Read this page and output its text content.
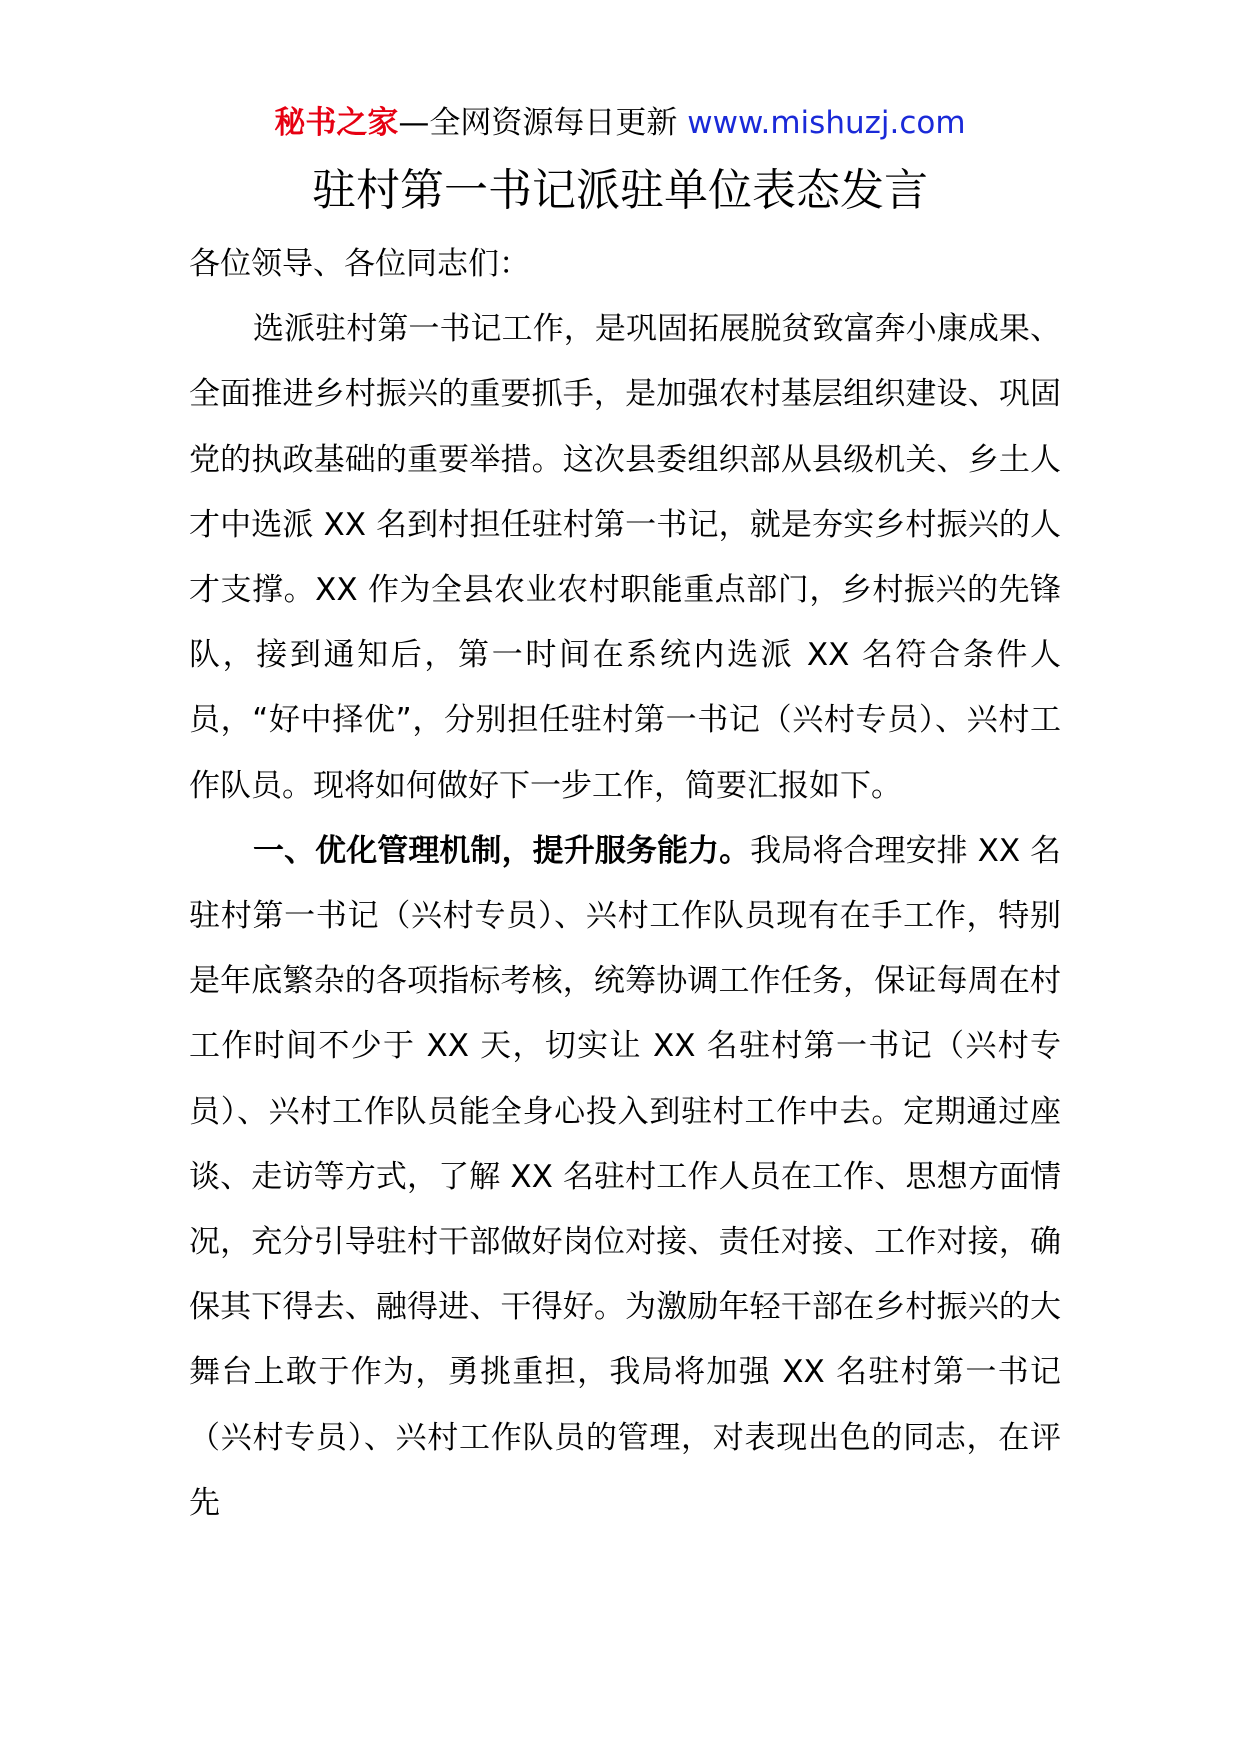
秘书之家—全网资源每日更新 www.mishuzj.com
驻村第一书记派驻单位表态发言

各位领导、各位同志们：

选派驻村第一书记工作，是巩固拓展脱贫致富奔小康成果、全面推进乡村振兴的重要抓手，是加强农村基层组织建设、巩固党的执政基础的重要举措。这次县委组织部从县级机关、乡土人才中选派 XX 名到村担任驻村第一书记，就是夯实乡村振兴的人才支撑。XX 作为全县农业农村职能重点部门，乡村振兴的先锋队，接到通知后，第一时间在系统内选派 XX 名符合条件人员，“好中择优”，分别担任驻村第一书记（兴村专员）、兴村工作队员。现将如何做好下一步工作，简要汇报如下。

一、优化管理机制，提升服务能力。我局将合理安排 XX 名驻村第一书记（兴村专员）、兴村工作队员现有在手工作，特别是年底繁杂的各项指标考核，统筹协调工作任务，保证每周在村工作时间不少于 XX 天，切实让 XX 名驻村第一书记（兴村专员）、兴村工作队员能全身心投入到驻村工作中去。定期通过座谈、走访等方式，了解 XX 名驻村工作人员在工作、思想方面情况，充分引导驻村干部做好岗位对接、责任对接、工作对接，确保其下得去、融得进、干得好。为激励年轻干部在乡村振兴的大舞台上敢于作为，勇挑重担，我局将加强 XX 名驻村第一书记（兴村专员）、兴村工作队员的管理，对表现出色的同志，在评先
